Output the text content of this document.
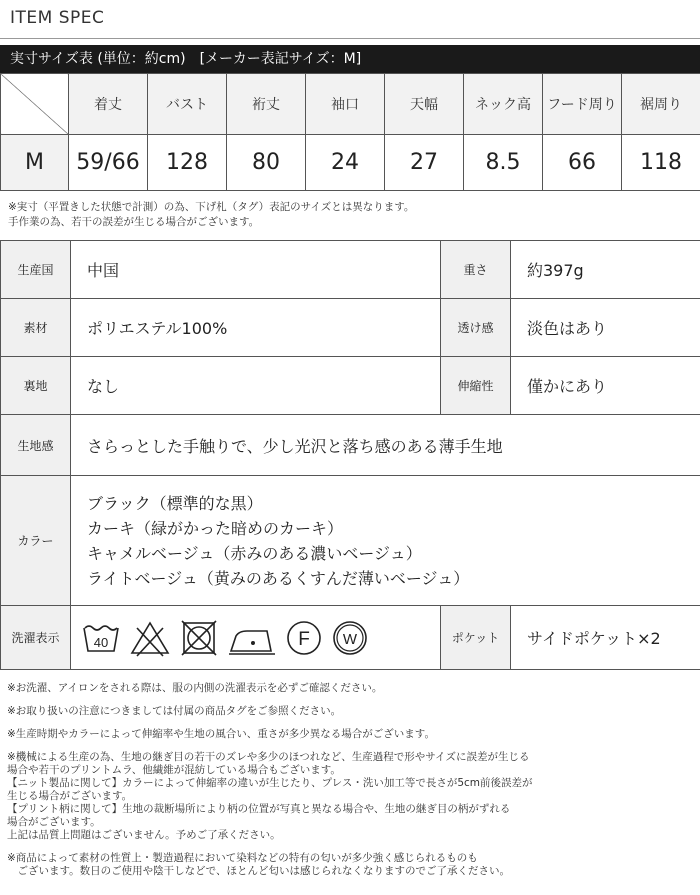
ITEM SPEC
実寸サイズ表 (単位：約cm)　[メーカー表記サイズ：M]
	着丈	バスト	裄丈	袖口	天幅	ネック高	フード周り	裾周り
M	59/66	128	80	24	27	8.5	66	118
※実寸（平置きした状態で計測）の為、下げ札（タグ）表記のサイズとは異なります。
手作業の為、若干の誤差が生じる場合がございます。
生産国	中国	重さ	約397g
素材	ポリエステル100%	透け感	淡色はあり
裏地	なし	伸縮性	僅かにあり
生地感	さらっとした手触りで、少し光沢と落ち感のある薄手生地		
カラー	ブラック（標準的な黒）
カーキ（緑がかった暗めのカーキ）
キャメルベージュ（赤みのある濃いベージュ）
ライトベージュ（黄みのあるくすんだ薄いベージュ）		

洗濯表示	40 F W	ポケット	サイドポケット×2

※お洗濯、アイロンをされる際は、服の内側の洗濯表示を必ずご確認ください。

※お取り扱いの注意につきましては付属の商品タグをご参照ください。

※生産時期やカラーによって伸縮率や生地の風合い、重さが多少異なる場合がございます。

※機械による生産の為、生地の継ぎ目の若干のズレや多少のほつれなど、生産過程で形やサイズに誤差が生じる

場合や若干のプリントムラ、他繊維が混紡している場合もございます。

【ニット製品に関して】カラーによって伸縮率の違いが生じたり、プレス・洗い加工等で長さが5cm前後誤差が

生じる場合がございます。

【プリント柄に関して】生地の裁断場所により柄の位置が写真と異なる場合や、生地の継ぎ目の柄がずれる

場合がございます。

上記は品質上問題はございません。予めご了承ください。

※商品によって素材の性質上・製造過程において染料などの特有の匂いが多少強く感じられるものも

　ございます。数日のご使用や陰干しなどで、ほとんど匂いは感じられなくなりますのでご了承ください。
